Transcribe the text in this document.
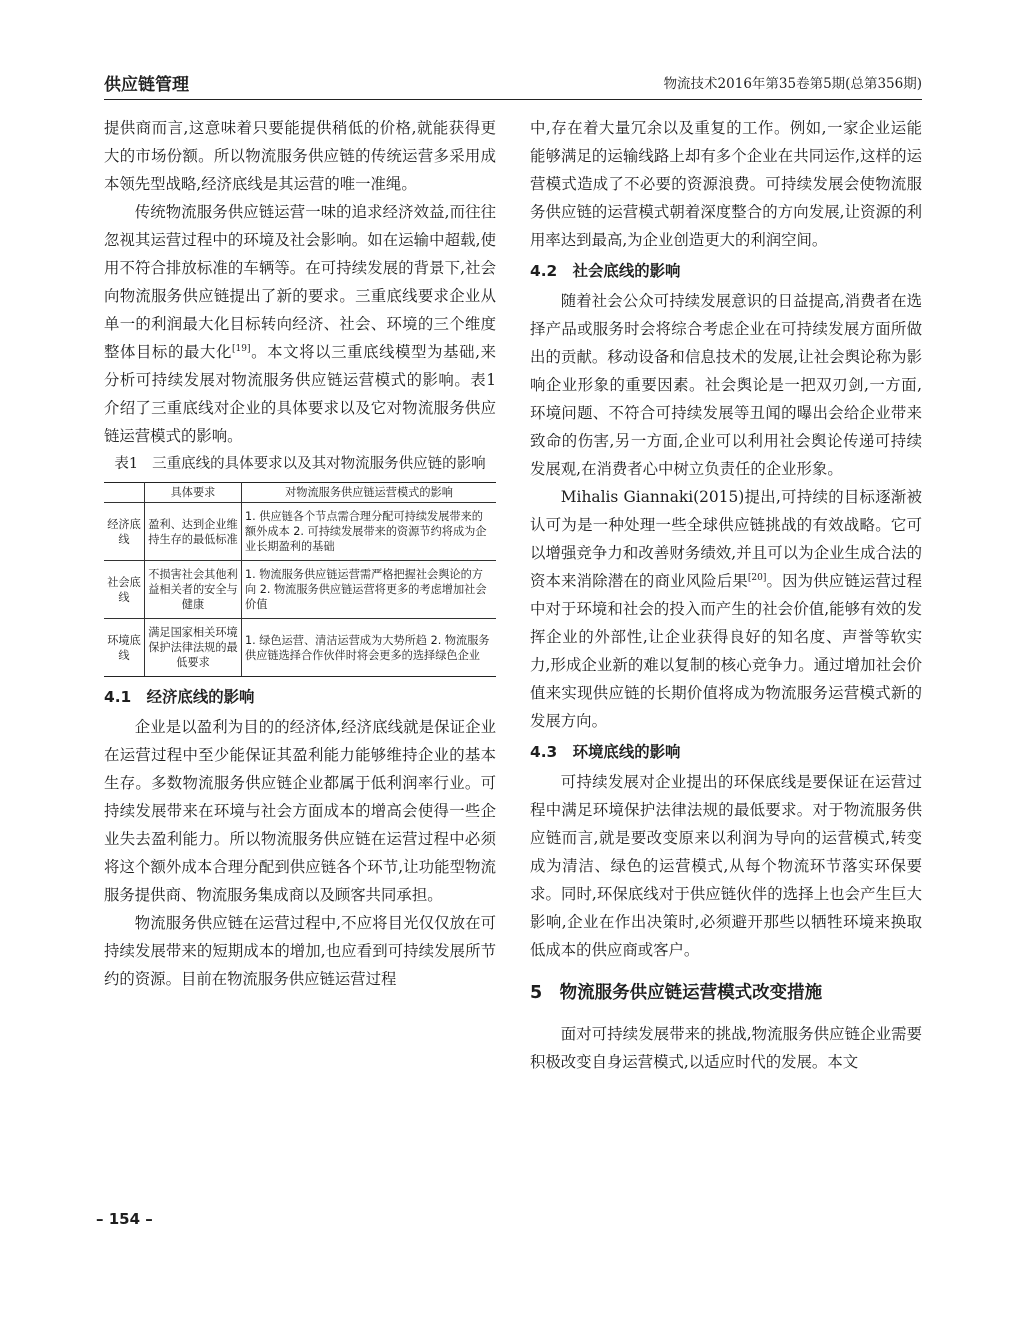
供应链管理	物流技术2016年第35卷第5期(总第356期)

提供商而言,这意味着只要能提供稍低的价格,就能获得更大的市场份额。所以物流服务供应链的传统运营多采用成本领先型战略,经济底线是其运营的唯一准绳。

传统物流服务供应链运营一味的追求经济效益,而往往忽视其运营过程中的环境及社会影响。如在运输中超载,使用不符合排放标准的车辆等。在可持续发展的背景下,社会向物流服务供应链提出了新的要求。三重底线要求企业从单一的利润最大化目标转向经济、社会、环境的三个维度整体目标的最大化[19]。本文将以三重底线模型为基础,来分析可持续发展对物流服务供应链运营模式的影响。表1介绍了三重底线对企业的具体要求以及它对物流服务供应链运营模式的影响。

表1 三重底线的具体要求以及其对物流服务供应链的影响

	具体要求	对物流服务供应链运营模式的影响
经济底线	盈利、达到企业维持生存的最低标准	1. 供应链各个节点需合理分配可持续发展带来的额外成本 2. 可持续发展带来的资源节约将成为企业长期盈利的基础
社会底线	不损害社会其他利益相关者的安全与健康	1. 物流服务供应链运营需严格把握社会舆论的方向 2. 物流服务供应链运营将更多的考虑增加社会价值
环境底线	满足国家相关环境保护法律法规的最低要求	1. 绿色运营、清洁运营成为大势所趋 2. 物流服务供应链选择合作伙伴时将会更多的选择绿色企业
4.1　经济底线的影响

企业是以盈利为目的的经济体,经济底线就是保证企业在运营过程中至少能保证其盈利能力能够维持企业的基本生存。多数物流服务供应链企业都属于低利润率行业。可持续发展带来在环境与社会方面成本的增高会使得一些企业失去盈利能力。所以物流服务供应链在运营过程中必须将这个额外成本合理分配到供应链各个环节,让功能型物流服务提供商、物流服务集成商以及顾客共同承担。

物流服务供应链在运营过程中,不应将目光仅仅放在可持续发展带来的短期成本的增加,也应看到可持续发展所节约的资源。目前在物流服务供应链运营过程

中,存在着大量冗余以及重复的工作。例如,一家企业运能能够满足的运输线路上却有多个企业在共同运作,这样的运营模式造成了不必要的资源浪费。可持续发展会使物流服务供应链的运营模式朝着深度整合的方向发展,让资源的利用率达到最高,为企业创造更大的利润空间。

4.2　社会底线的影响

随着社会公众可持续发展意识的日益提高,消费者在选择产品或服务时会将综合考虑企业在可持续发展方面所做出的贡献。移动设备和信息技术的发展,让社会舆论称为影响企业形象的重要因素。社会舆论是一把双刃剑,一方面,环境问题、不符合可持续发展等丑闻的曝出会给企业带来致命的伤害,另一方面,企业可以利用社会舆论传递可持续发展观,在消费者心中树立负责任的企业形象。

Mihalis Giannaki(2015)提出,可持续的目标逐渐被认可为是一种处理一些全球供应链挑战的有效战略。它可以增强竞争力和改善财务绩效,并且可以为企业生成合法的资本来消除潜在的商业风险后果[20]。因为供应链运营过程中对于环境和社会的投入而产生的社会价值,能够有效的发挥企业的外部性,让企业获得良好的知名度、声誉等软实力,形成企业新的难以复制的核心竞争力。通过增加社会价值来实现供应链的长期价值将成为物流服务运营模式新的发展方向。

4.3　环境底线的影响

可持续发展对企业提出的环保底线是要保证在运营过程中满足环境保护法律法规的最低要求。对于物流服务供应链而言,就是要改变原来以利润为导向的运营模式,转变成为清洁、绿色的运营模式,从每个物流环节落实环保要求。同时,环保底线对于供应链伙伴的选择上也会产生巨大影响,企业在作出决策时,必须避开那些以牺牲环境来换取低成本的供应商或客户。

5　物流服务供应链运营模式改变措施

面对可持续发展带来的挑战,物流服务供应链企业需要积极改变自身运营模式,以适应时代的发展。本文

– 154 –
